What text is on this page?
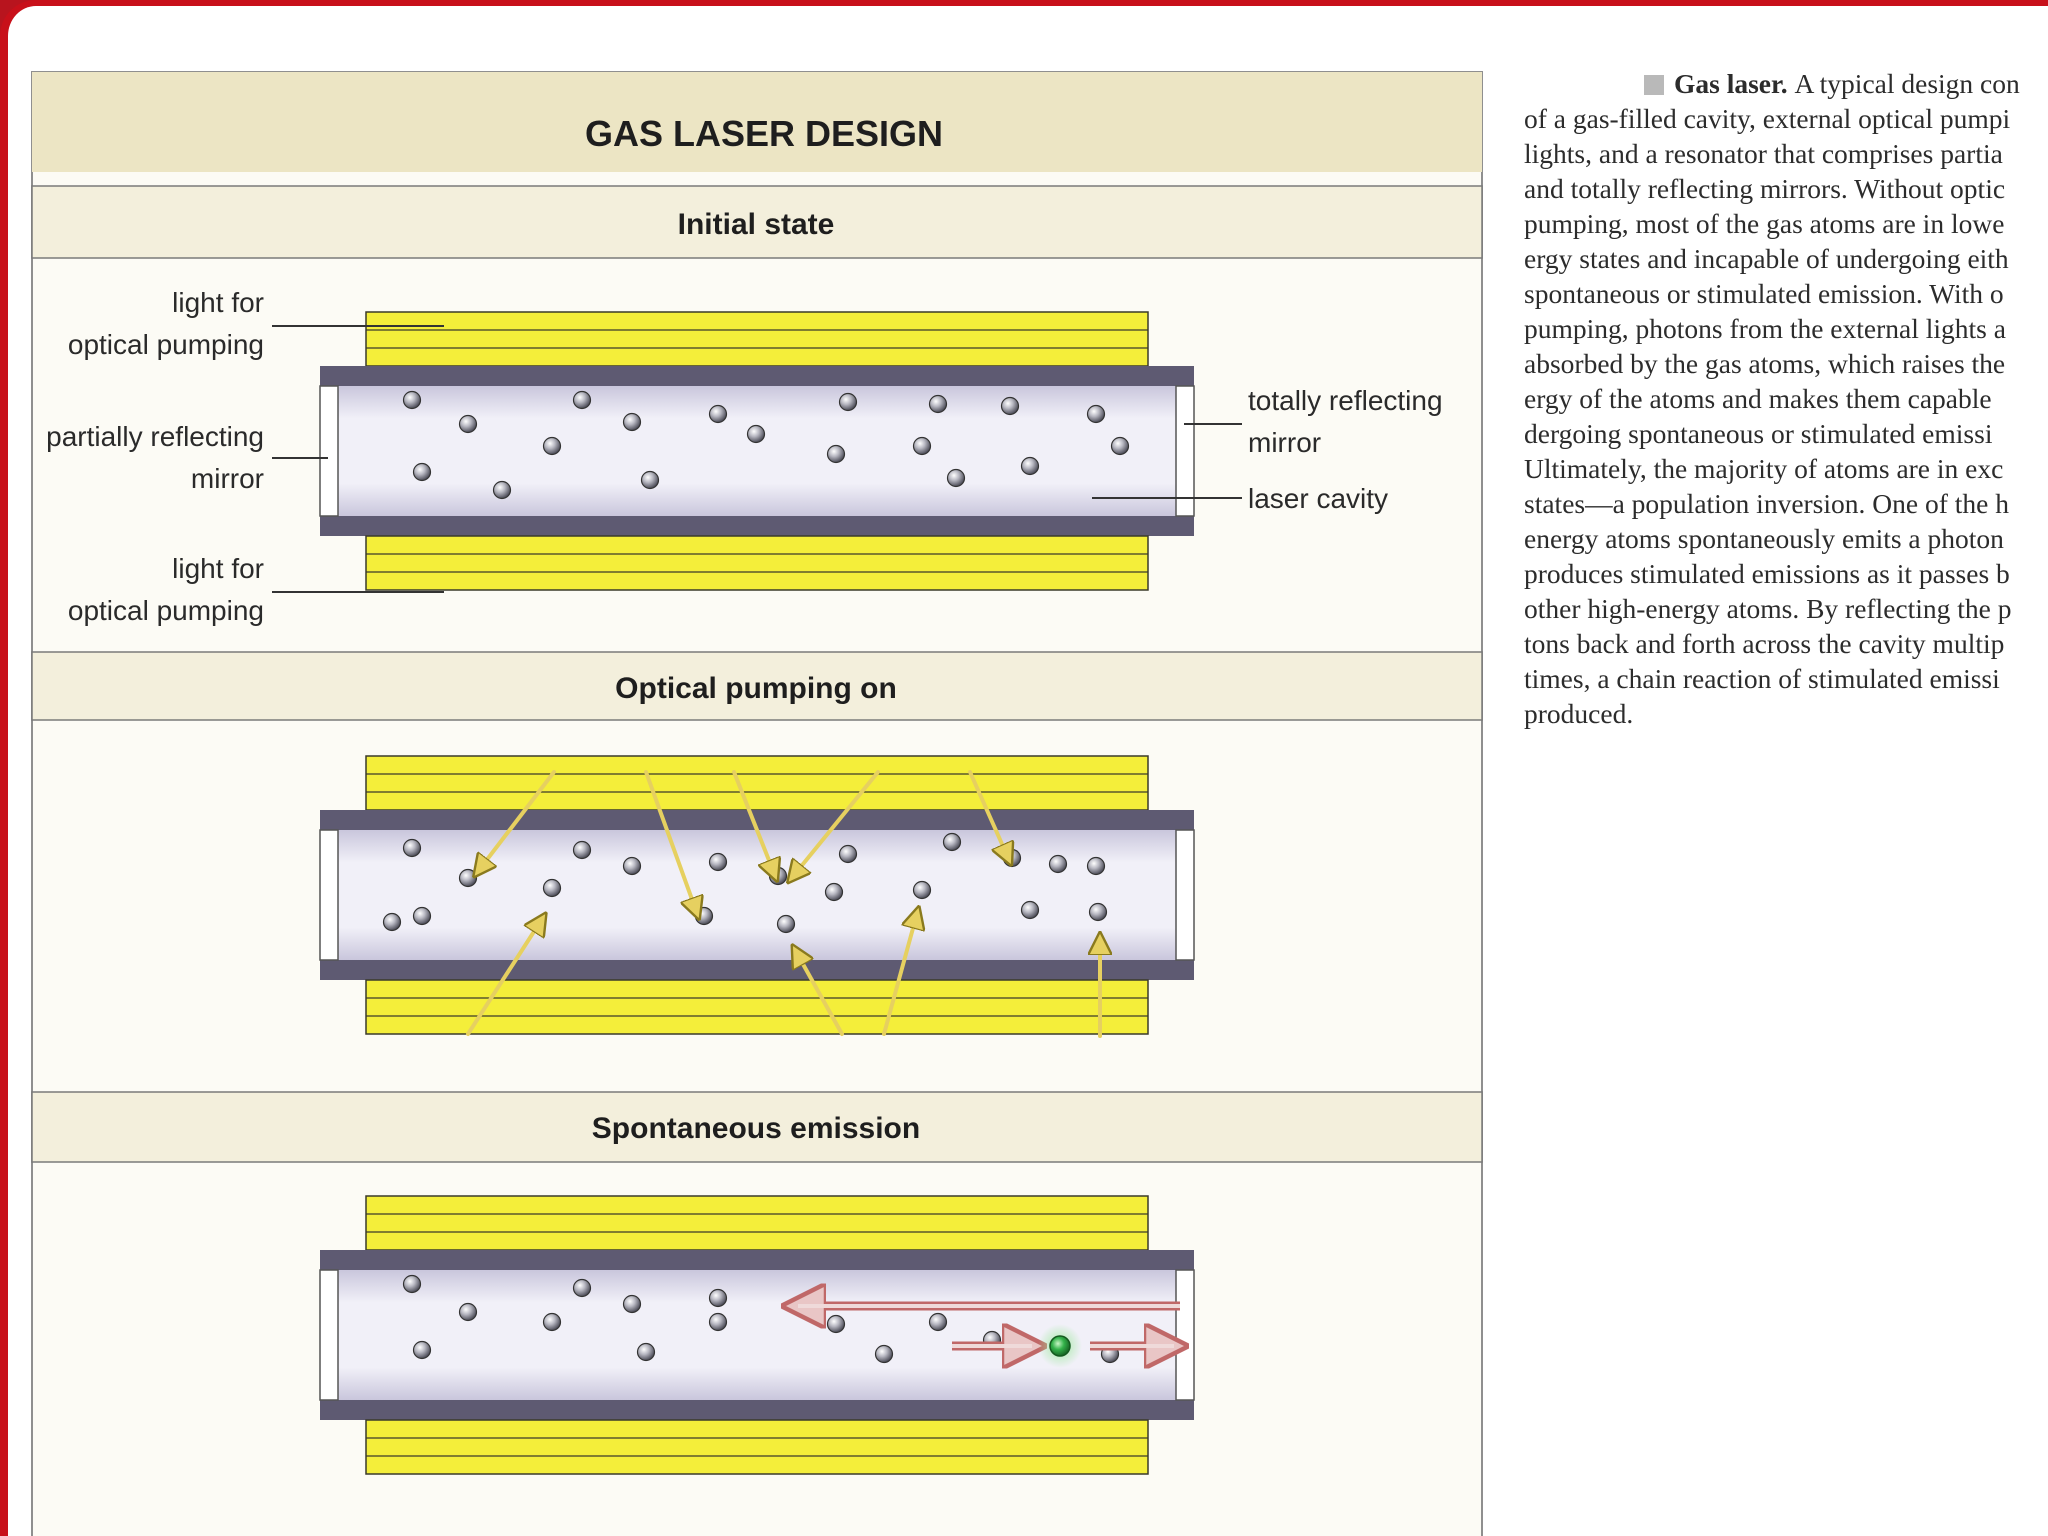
GAS LASER DESIGN
Initial state
Optical pumping on
Spontaneous emission
light for
optical pumping
partially reflecting
mirror
light for
optical pumping
totally reflecting
mirror
laser cavity
Gas laser. A typical design con
of a gas-filled cavity, external optical pumpi
lights, and a resonator that comprises partia
and totally reflecting mirrors. Without optic
pumping, most of the gas atoms are in lowe
ergy states and incapable of undergoing eith
spontaneous or stimulated emission. With o
pumping, photons from the external lights a
absorbed by the gas atoms, which raises the
ergy of the atoms and makes them capable
dergoing spontaneous or stimulated emissi
Ultimately, the majority of atoms are in exc
states—a population inversion. One of the h
energy atoms spontaneously emits a photon
produces stimulated emissions as it passes b
other high-energy atoms. By reflecting the p
tons back and forth across the cavity multip
times, a chain reaction of stimulated emissi
produced.
